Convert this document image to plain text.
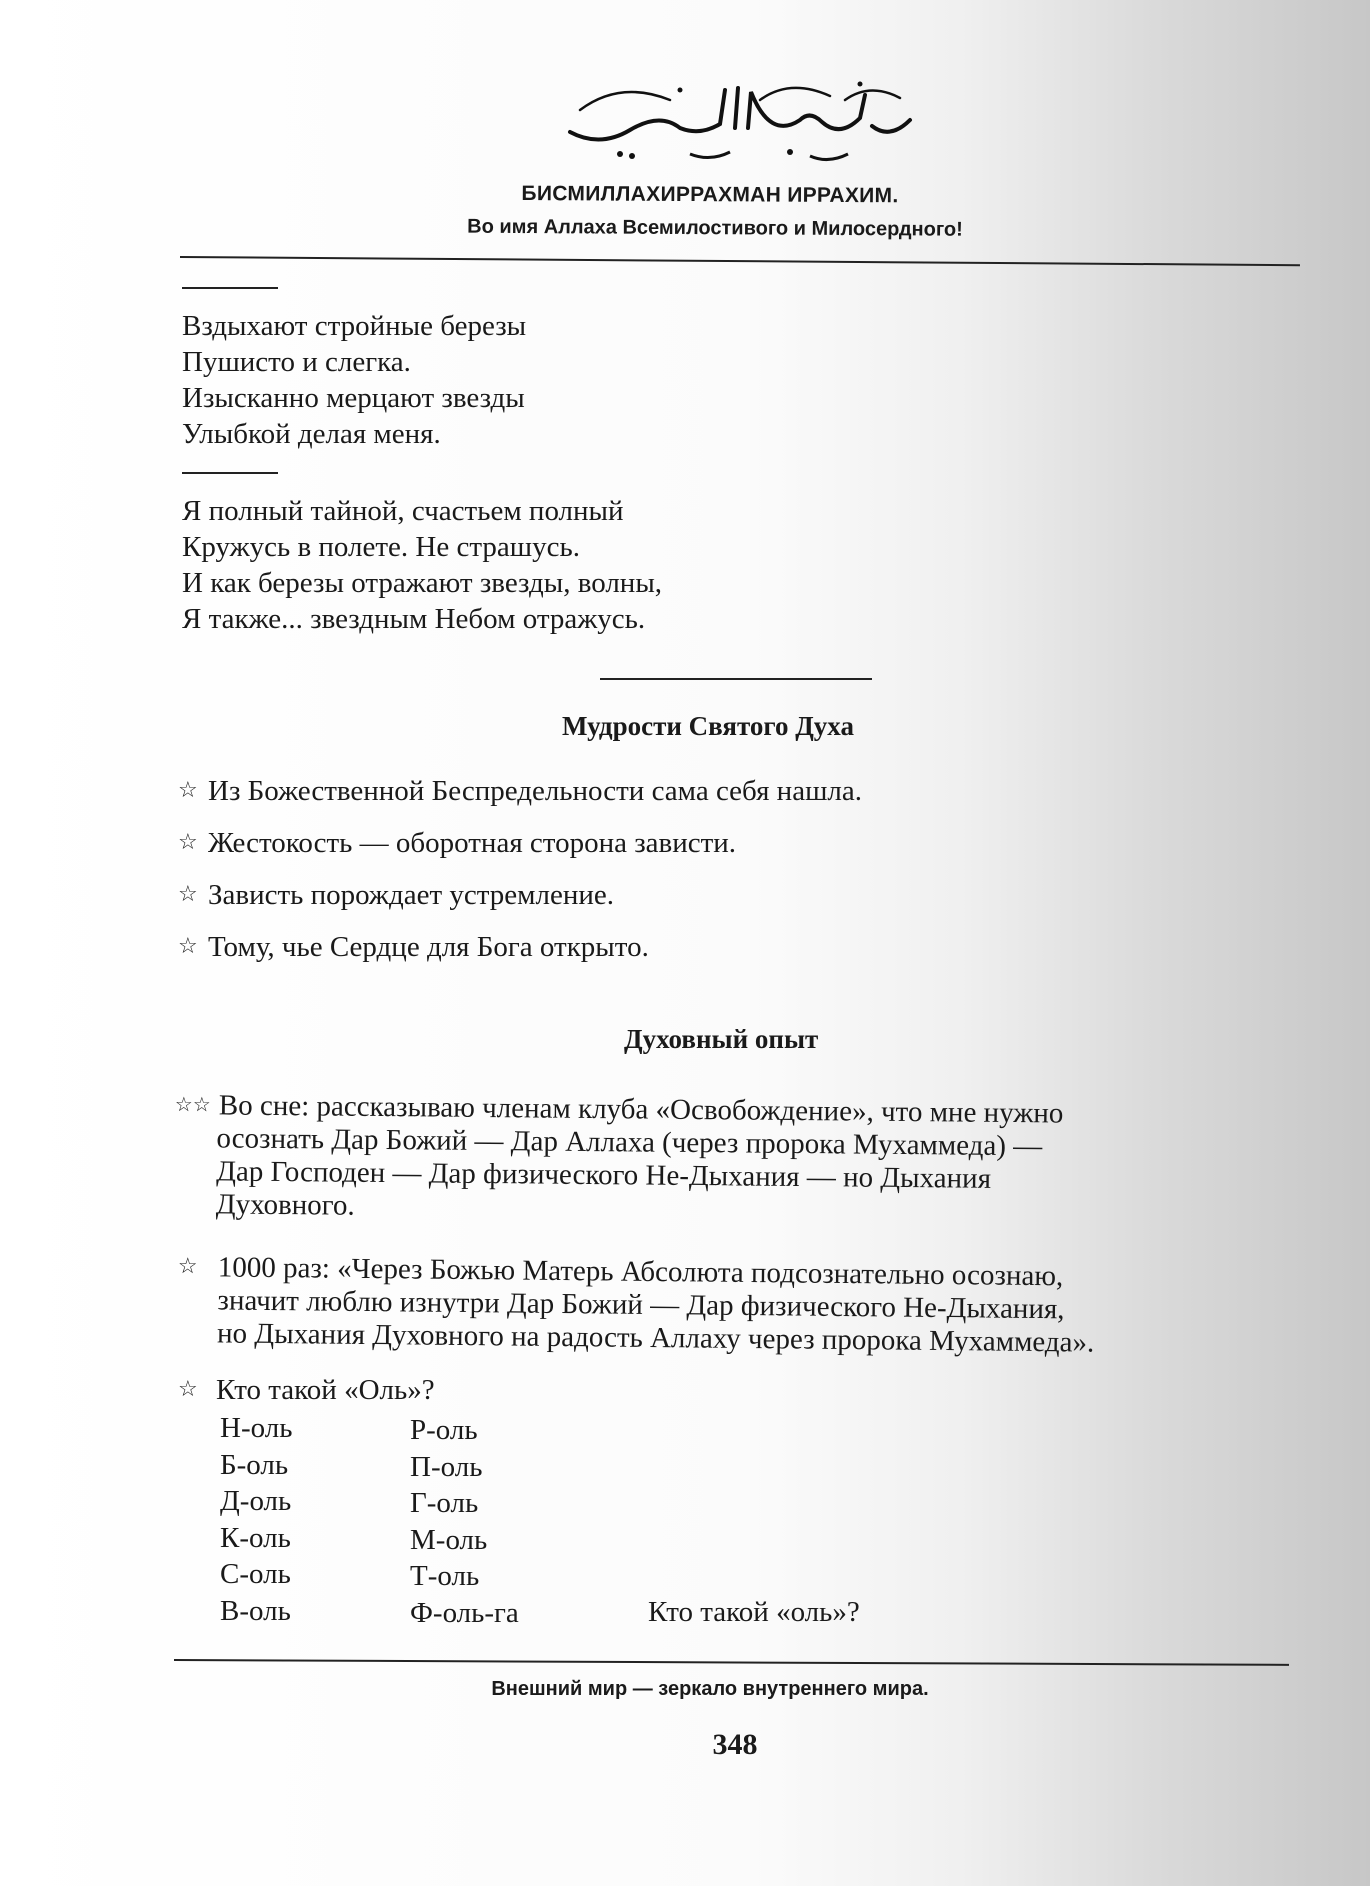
БИСМИЛЛАХИРРАХМАН ИРРАХИМ.
Во имя Аллаха Всемилостивого и Милосердного!
Вздыхают стройные березы
Пушисто и слегка.
Изысканно мерцают звезды
Улыбкой делая меня.
Я полный тайной, счастьем полный
Кружусь в полете. Не страшусь.
И как березы отражают звезды, волны,
Я также... звездным Небом отражусь.
Мудрости Святого Духа
☆ Из Божественной Беспредельности сама себя нашла.
☆ Жестокость — оборотная сторона зависти.
☆ Зависть порождает устремление.
☆ Тому, чье Сердце для Бога открыто.
Духовный опыт
☆☆ Во сне: рассказываю членам клуба «Освобождение», что мне нужно
осознать Дар Божий — Дар Аллаха (через пророка Мухаммеда) —
Дар Господен — Дар физического Не-Дыхания — но Дыхания
Духовного.
☆ 1000 раз: «Через Божью Матерь Абсолюта подсознательно осознаю,
значит люблю изнутри Дар Божий — Дар физического Не-Дыхания,
но Дыхания Духовного на радость Аллаху через пророка Мухаммеда».
☆ Кто такой «Оль»?
Н-оль
Б-оль
Д-оль
К-оль
С-оль
В-оль
Р-оль
П-оль
Г-оль
М-оль
Т-оль
Ф-оль-га	Кто такой «оль»?
Внешний мир — зеркало внутреннего мира.
348
